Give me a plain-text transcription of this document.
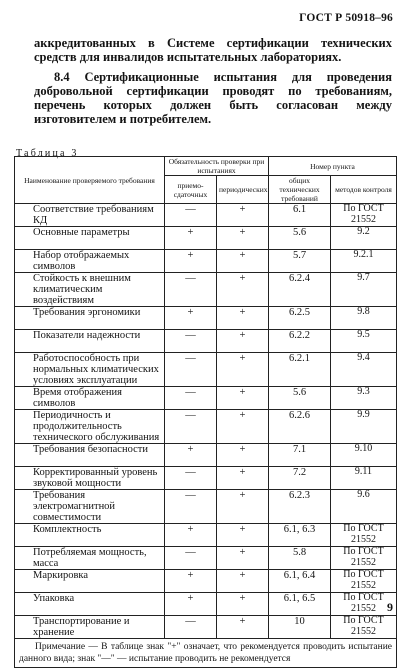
ГОСТ Р 50918–96
аккредитованных в Системе сертификации технических средств для инвалидов испытательных лабораториях.
8.4 Сертификационные испытания для проведения добровольной сертификации проводят по требованиям, перечень которых должен быть согласован между изготовителем и потребителем.
Таблица 3
Наименование проверяемого требования	Обязательность проверки при испытаниях		Номер пункта	
	приемо-сдаточных	периодических	общих технических требований	методов контроля
Соответствие требованиям КД	—	+	6.1	По ГОСТ 21552
Основные параметры	+	+	5.6	9.2
Набор отображаемых символов	+	+	5.7	9.2.1
Стойкость к внешним климатическим воздействиям	—	+	6.2.4	9.7
Требования эргономики	+	+	6.2.5	9.8
Показатели надежности	—	+	6.2.2	9.5
Работоспособность при нормальных климатических условиях эксплуатации	—	+	6.2.1	9.4
Время отображения символов	—	+	5.6	9.3
Периодичность и продолжительность технического обслуживания	—	+	6.2.6	9.9
Требования безопасности	+	+	7.1	9.10
Корректированный уровень звуковой мощности	—	+	7.2	9.11
Требования электромагнитной совместимости	—	+	6.2.3	9.6
Комплектность	+	+	6.1, 6.3	По ГОСТ 21552
Потребляемая мощность, масса	—	+	5.8	По ГОСТ 21552
Маркировка	+	+	6.1, 6.4	По ГОСТ 21552
Упаковка	+	+	6.1, 6.5	По ГОСТ 21552
Транспортирование и хранение	—	+	10	По ГОСТ 21552
Примечание — В таблице знак "+" означает, что рекомендуется проводить испытание данного вида; знак "—" — испытание проводить не рекомендуется				
9
